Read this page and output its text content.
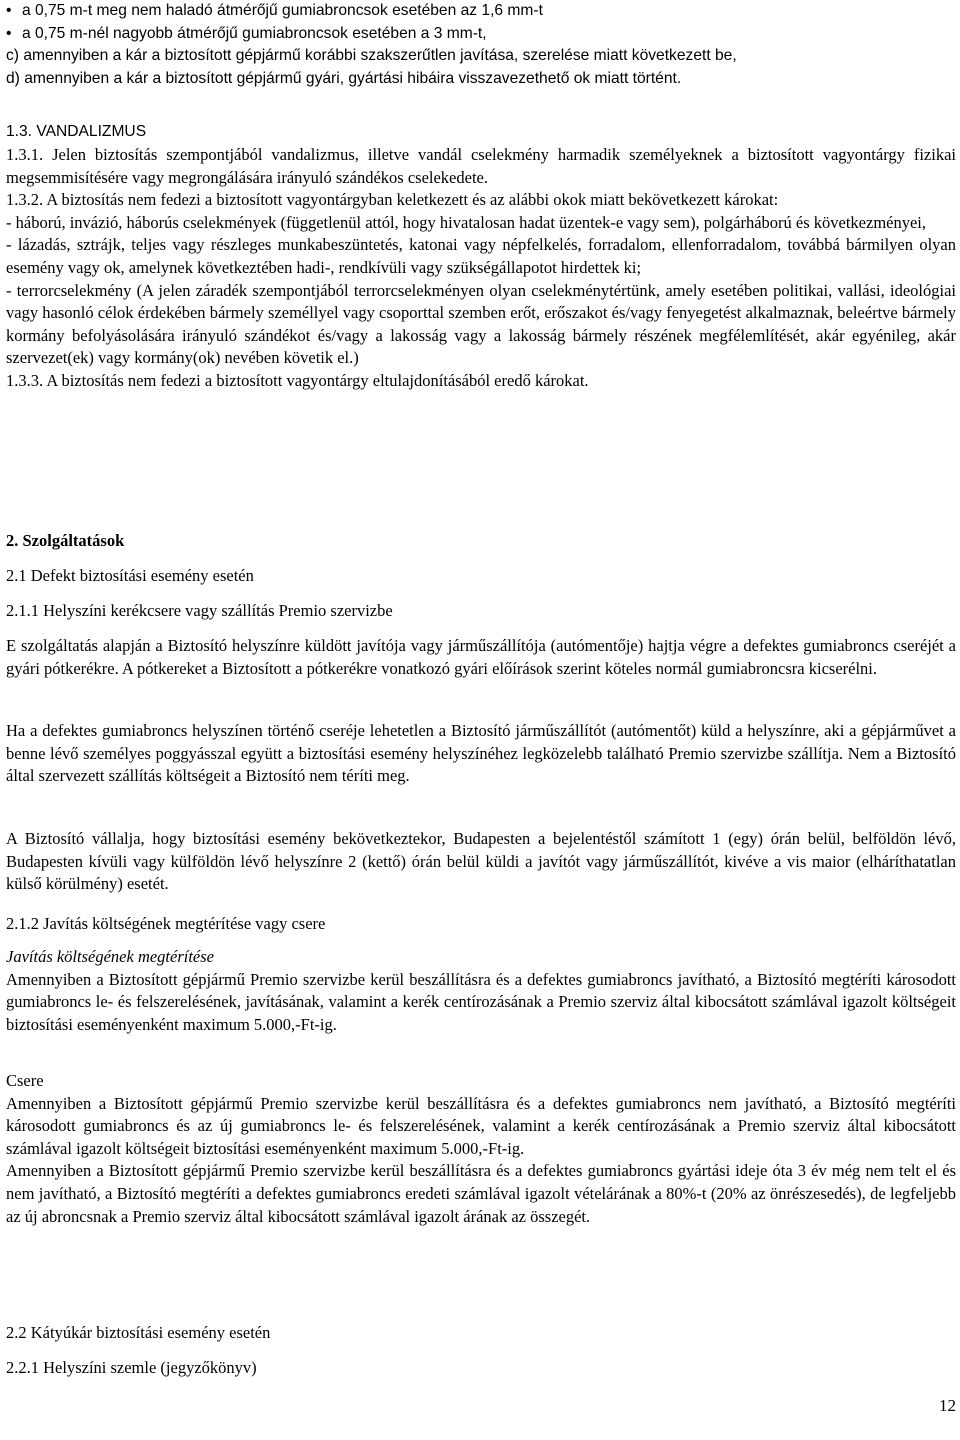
• a 0,75 m-t meg nem haladó átmérőjű gumiabroncsok esetében az 1,6 mm-t
• a 0,75 m-nél nagyobb átmérőjű gumiabroncsok esetében a 3 mm-t,
c) amennyiben a kár a biztosított gépjármű korábbi szakszerűtlen javítása, szerelése miatt következett be,
d) amennyiben a kár a biztosított gépjármű gyári, gyártási hibáira visszavezethető ok miatt történt.
1.3. VANDALIZMUS

1.3.1. Jelen biztosítás szempontjából vandalizmus, illetve vandál cselekmény harmadik személyeknek a biztosított vagyontárgy fizikai megsemmisítésére vagy megrongálására irányuló szándékos cselekedete.

1.3.2. A biztosítás nem fedezi a biztosított vagyontárgyban keletkezett és az alábbi okok miatt bekövetkezett károkat:

- háború, invázió, háborús cselekmények (függetlenül attól, hogy hivatalosan hadat üzentek-e vagy sem), polgárháború és következményei,

- lázadás, sztrájk, teljes vagy részleges munkabeszüntetés, katonai vagy népfelkelés, forradalom, ellenforradalom, továbbá bármilyen olyan esemény vagy ok, amelynek következtében hadi-, rendkívüli vagy szükségállapotot hirdettek ki;

- terrorcselekmény (A jelen záradék szempontjából terrorcselekményen olyan cselekménytértünk, amely esetében politikai, vallási, ideológiai vagy hasonló célok érdekében bármely személlyel vagy csoporttal szemben erőt, erőszakot és/vagy fenyegetést alkalmaznak, beleértve bármely kormány befolyásolására irányuló szándékot és/vagy a lakosság vagy a lakosság bármely részének megfélemlítését, akár egyénileg, akár szervezet(ek) vagy kormány(ok) nevében követik el.)

1.3.3. A biztosítás nem fedezi a biztosított vagyontárgy eltulajdonításából eredő károkat.

2. Szolgáltatások
2.1 Defekt biztosítási esemény esetén
2.1.1 Helyszíni kerékcsere vagy szállítás Premio szervizbe

E szolgáltatás alapján a Biztosító helyszínre küldött javítója vagy járműszállítója (autómentője) hajtja végre a defektes gumiabroncs cseréjét a gyári pótkerékre. A pótkereket a Biztosított a pótkerékre vonatkozó gyári előírások szerint köteles normál gumiabroncsra kicserélni.

Ha a defektes gumiabroncs helyszínen történő cseréje lehetetlen a Biztosító járműszállítót (autómentőt) küld a helyszínre, aki a gépjárművet a benne lévő személyes poggyásszal együtt a biztosítási esemény helyszínéhez legközelebb található Premio szervizbe szállítja. Nem a Biztosító által szervezett szállítás költségeit a Biztosító nem téríti meg.

A Biztosító vállalja, hogy biztosítási esemény bekövetkeztekor, Budapesten a bejelentéstől számított 1 (egy) órán belül, belföldön lévő, Budapesten kívüli vagy külföldön lévő helyszínre 2 (kettő) órán belül küldi a javítót vagy járműszállítót, kivéve a vis maior (elháríthatatlan külső körülmény) esetét.

2.1.2 Javítás költségének megtérítése vagy csere
Javítás költségének megtérítése

Amennyiben a Biztosított gépjármű Premio szervizbe kerül beszállításra és a defektes gumiabroncs javítható, a Biztosító megtéríti károsodott gumiabroncs le- és felszerelésének, javításának, valamint a kerék centírozásának a Premio szerviz által kibocsátott számlával igazolt költségeit biztosítási eseményenként maximum 5.000,-Ft-ig.

Csere

Amennyiben a Biztosított gépjármű Premio szervizbe kerül beszállításra és a defektes gumiabroncs nem javítható, a Biztosító megtéríti károsodott gumiabroncs és az új gumiabroncs le- és felszerelésének, valamint a kerék centírozásának a Premio szerviz által kibocsátott számlával igazolt költségeit biztosítási eseményenként maximum 5.000,-Ft-ig.

Amennyiben a Biztosított gépjármű Premio szervizbe kerül beszállításra és a defektes gumiabroncs gyártási ideje óta 3 év még nem telt el és nem javítható, a Biztosító megtéríti a defektes gumiabroncs eredeti számlával igazolt vételárának a 80%-t (20% az önrészesedés), de legfeljebb az új abroncsnak a Premio szerviz által kibocsátott számlával igazolt árának az összegét.

2.2 Kátyúkár biztosítási esemény esetén
2.2.1 Helyszíni szemle (jegyzőkönyv)
12
